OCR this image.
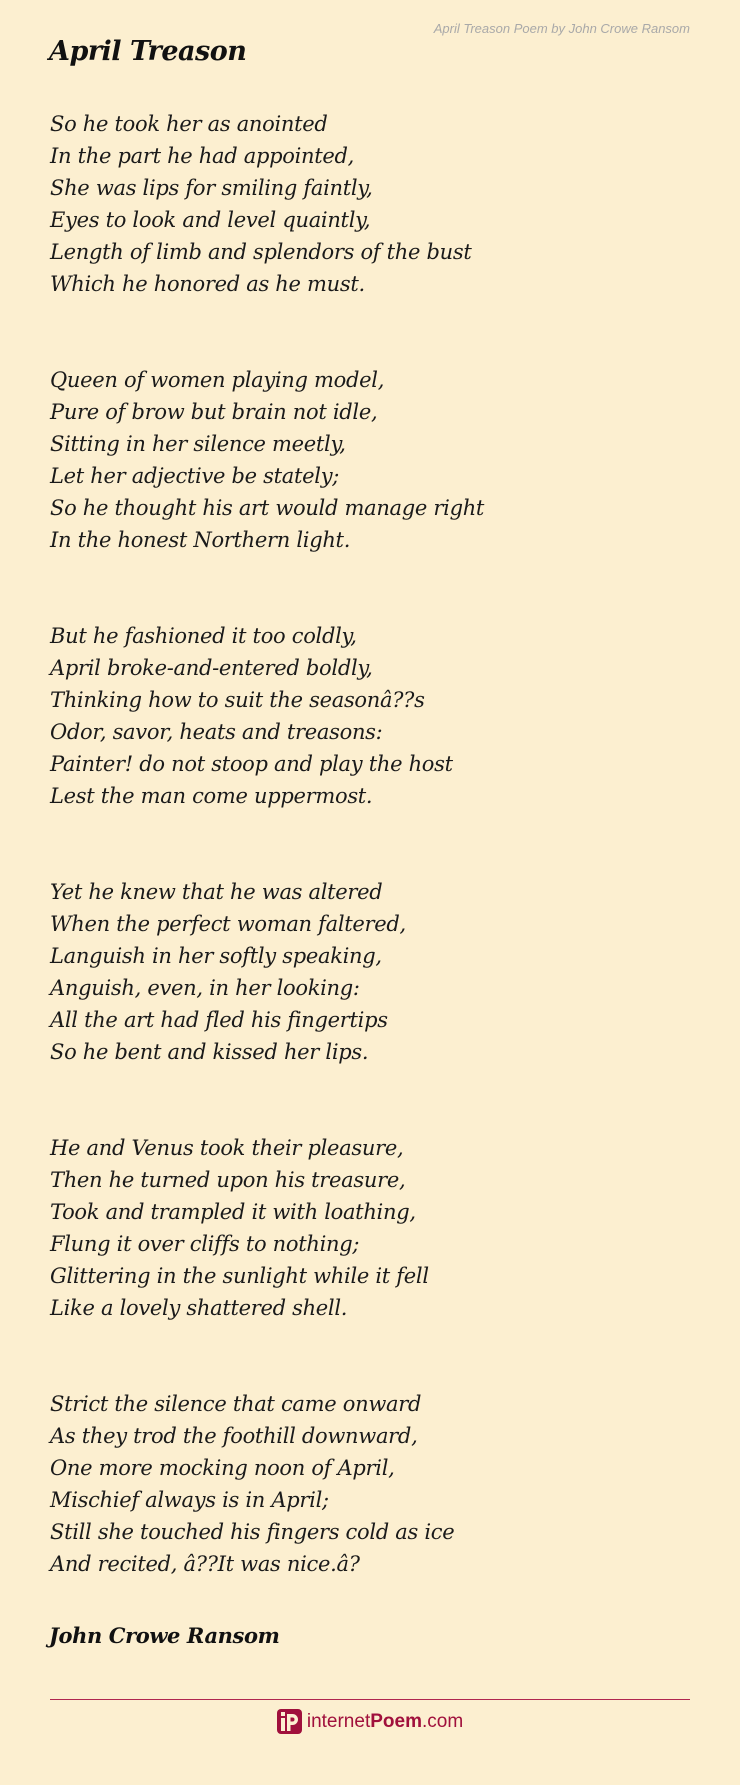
April Treason Poem by John Crowe Ransom
April Treason
So he took her as anointed
In the part he had appointed,
She was lips for smiling faintly,
Eyes to look and level quaintly,
Length of limb and splendors of the bust
Which he honored as he must.
Queen of women playing model,
Pure of brow but brain not idle,
Sitting in her silence meetly,
Let her adjective be stately;
So he thought his art would manage right
In the honest Northern light.
But he fashioned it too coldly,
April broke-and-entered boldly,
Thinking how to suit the seasonâ??s
Odor, savor, heats and treasons:
Painter! do not stoop and play the host
Lest the man come uppermost.
Yet he knew that he was altered
When the perfect woman faltered,
Languish in her softly speaking,
Anguish, even, in her looking:
All the art had fled his fingertips
So he bent and kissed her lips.
He and Venus took their pleasure,
Then he turned upon his treasure,
Took and trampled it with loathing,
Flung it over cliffs to nothing;
Glittering in the sunlight while it fell
Like a lovely shattered shell.
Strict the silence that came onward
As they trod the foothill downward,
One more mocking noon of April,
Mischief always is in April;
Still she touched his fingers cold as ice
And recited, â??It was nice.â?
John Crowe Ransom
internetPoem.com
